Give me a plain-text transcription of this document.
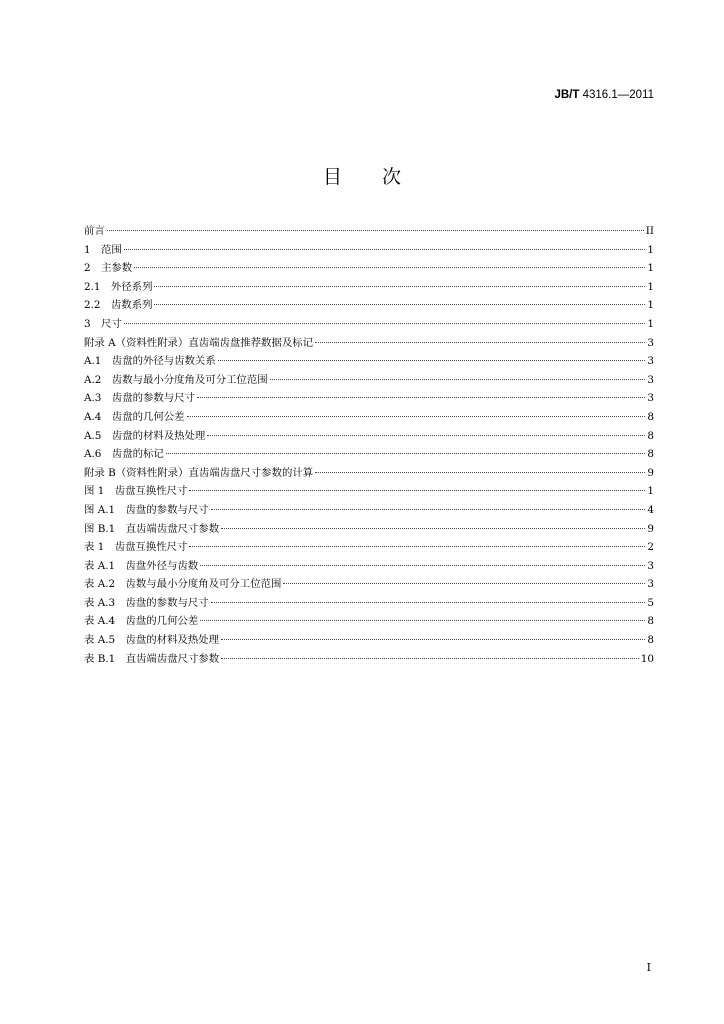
JB/T 4316.1—2011
目 次
前言	II
1　范围	1
2　主参数	1
2.1　外径系列	1
2.2　齿数系列	1
3　尺寸	1
附录 A（资料性附录）直齿端齿盘推荐数据及标记	3
A.1　齿盘的外径与齿数关系	3
A.2　齿数与最小分度角及可分工位范围	3
A.3　齿盘的参数与尺寸	3
A.4　齿盘的几何公差	8
A.5　齿盘的材料及热处理	8
A.6　齿盘的标记	8
附录 B（资料性附录）直齿端齿盘尺寸参数的计算	9
图 1　齿盘互换性尺寸	1
图 A.1　齿盘的参数与尺寸	4
图 B.1　直齿端齿盘尺寸参数	9
表 1　齿盘互换性尺寸	2
表 A.1　齿盘外径与齿数	3
表 A.2　齿数与最小分度角及可分工位范围	3
表 A.3　齿盘的参数与尺寸	5
表 A.4　齿盘的几何公差	8
表 A.5　齿盘的材料及热处理	8
表 B.1　直齿端齿盘尺寸参数	10
I
